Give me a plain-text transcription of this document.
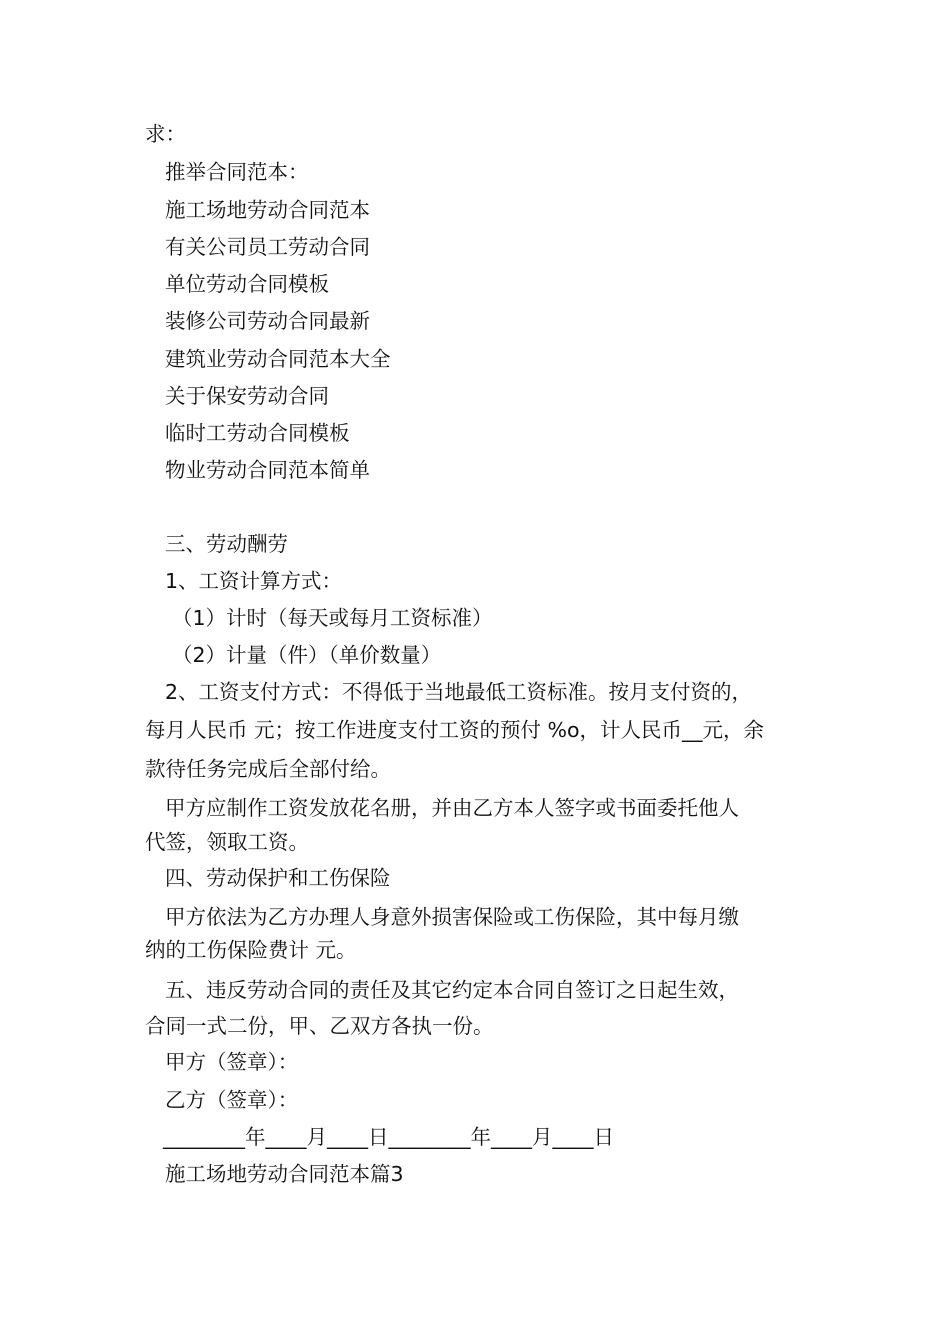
求：
推举合同范本：
施工场地劳动合同范本
有关公司员工劳动合同
单位劳动合同模板
装修公司劳动合同最新
建筑业劳动合同范本大全
关于保安劳动合同
临时工劳动合同模板
物业劳动合同范本简单
三、劳动酬劳
1、工资计算方式：
（1）计时（每天或每月工资标准）
（2）计量（件）（单价数量）
2、工资支付方式：不得低于当地最低工资标准。按月支付资的，
每月人民币 元；按工作进度支付工资的预付 %o，计人民币__元，余
款待任务完成后全部付给。
甲方应制作工资发放花名册，并由乙方本人签字或书面委托他人
代签，领取工资。
四、劳动保护和工伤保险
甲方依法为乙方办理人身意外损害保险或工伤保险，其中每月缴
纳的工伤保险费计 元。
五、违反劳动合同的责任及其它约定本合同自签订之日起生效，
合同一式二份，甲、乙双方各执一份。
甲方（签章）：
乙方（签章）：
________年____月____日________年____月____日
施工场地劳动合同范本篇3
